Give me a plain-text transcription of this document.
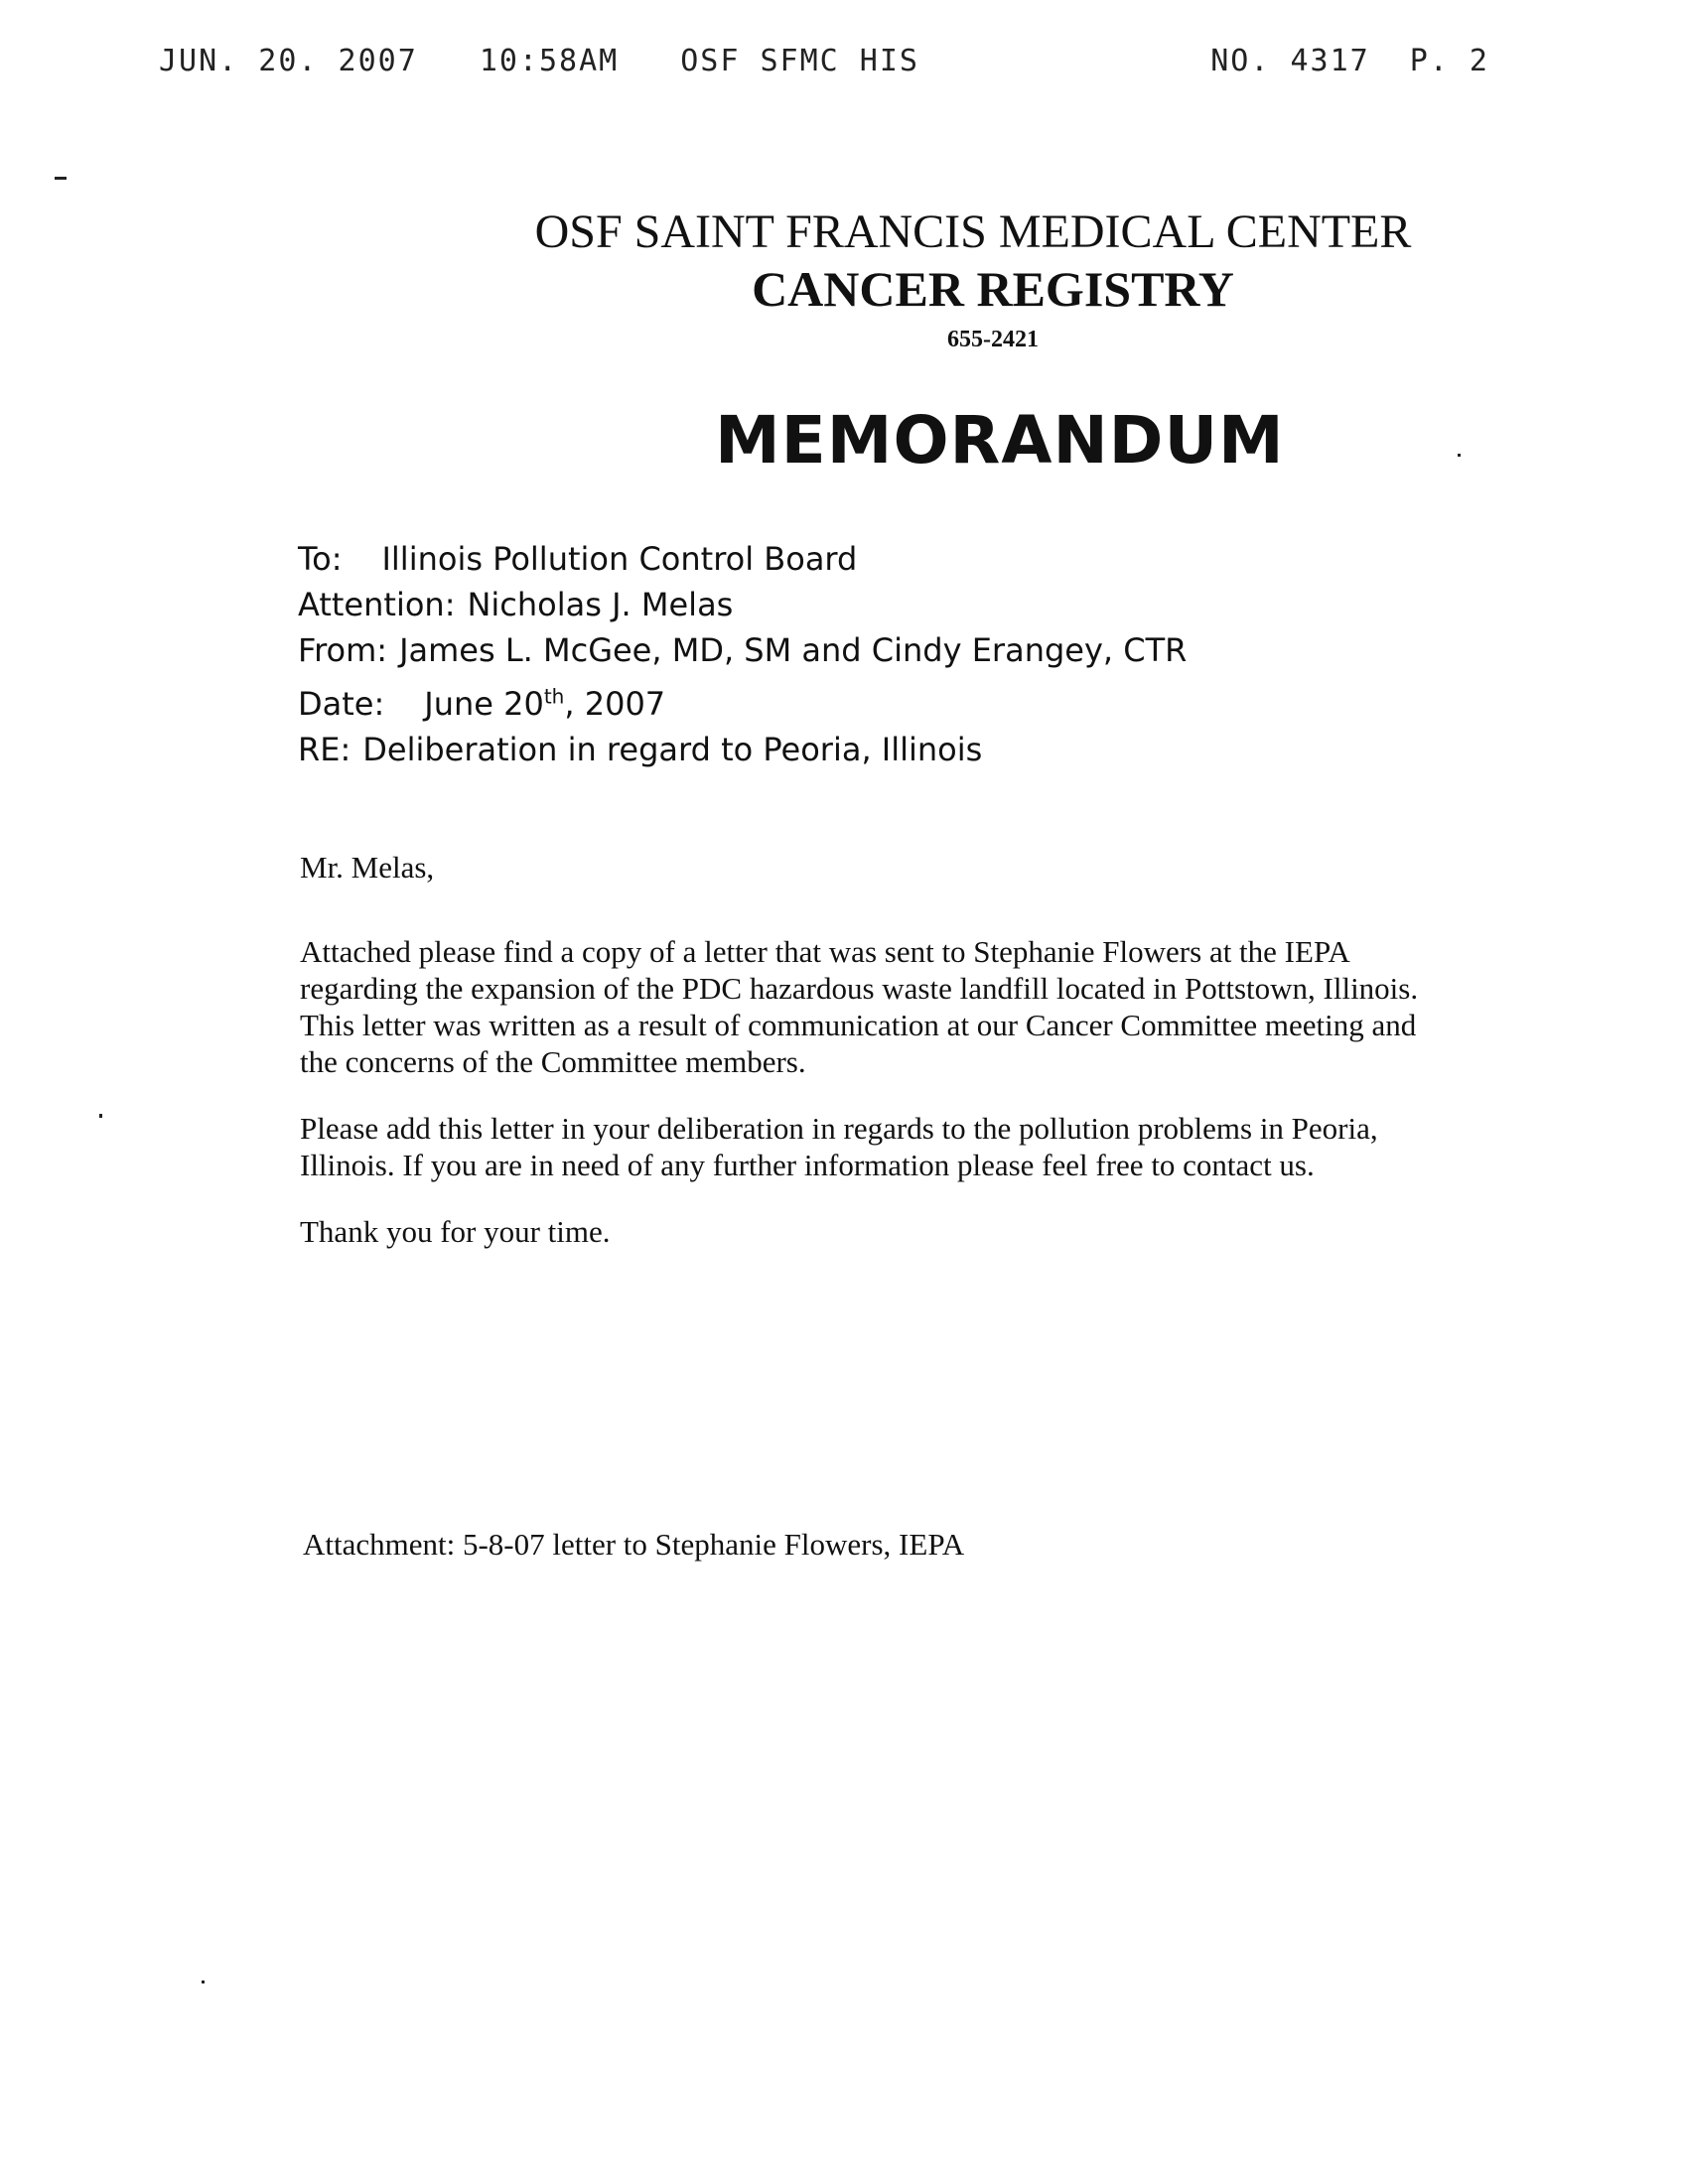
JUN. 20. 2007 10:58AM OSF SFMC HIS	NO. 4317 P. 2
OSF SAINT FRANCIS MEDICAL CENTER
CANCER REGISTRY
655-2421
MEMORANDUM
To: Illinois Pollution Control Board
Attention: Nicholas J. Melas
From: James L. McGee, MD, SM and Cindy Erangey, CTR
Date: June 20th, 2007
RE: Deliberation in regard to Peoria, Illinois

Mr. Melas,

Attached please find a copy of a letter that was sent to Stephanie Flowers at the IEPA regarding the expansion of the PDC hazardous waste landfill located in Pottstown, Illinois. This letter was written as a result of communication at our Cancer Committee meeting and the concerns of the Committee members.

Please add this letter in your deliberation in regards to the pollution problems in Peoria, Illinois. If you are in need of any further information please feel free to contact us.

Thank you for your time.

Attachment: 5-8-07 letter to Stephanie Flowers, IEPA
